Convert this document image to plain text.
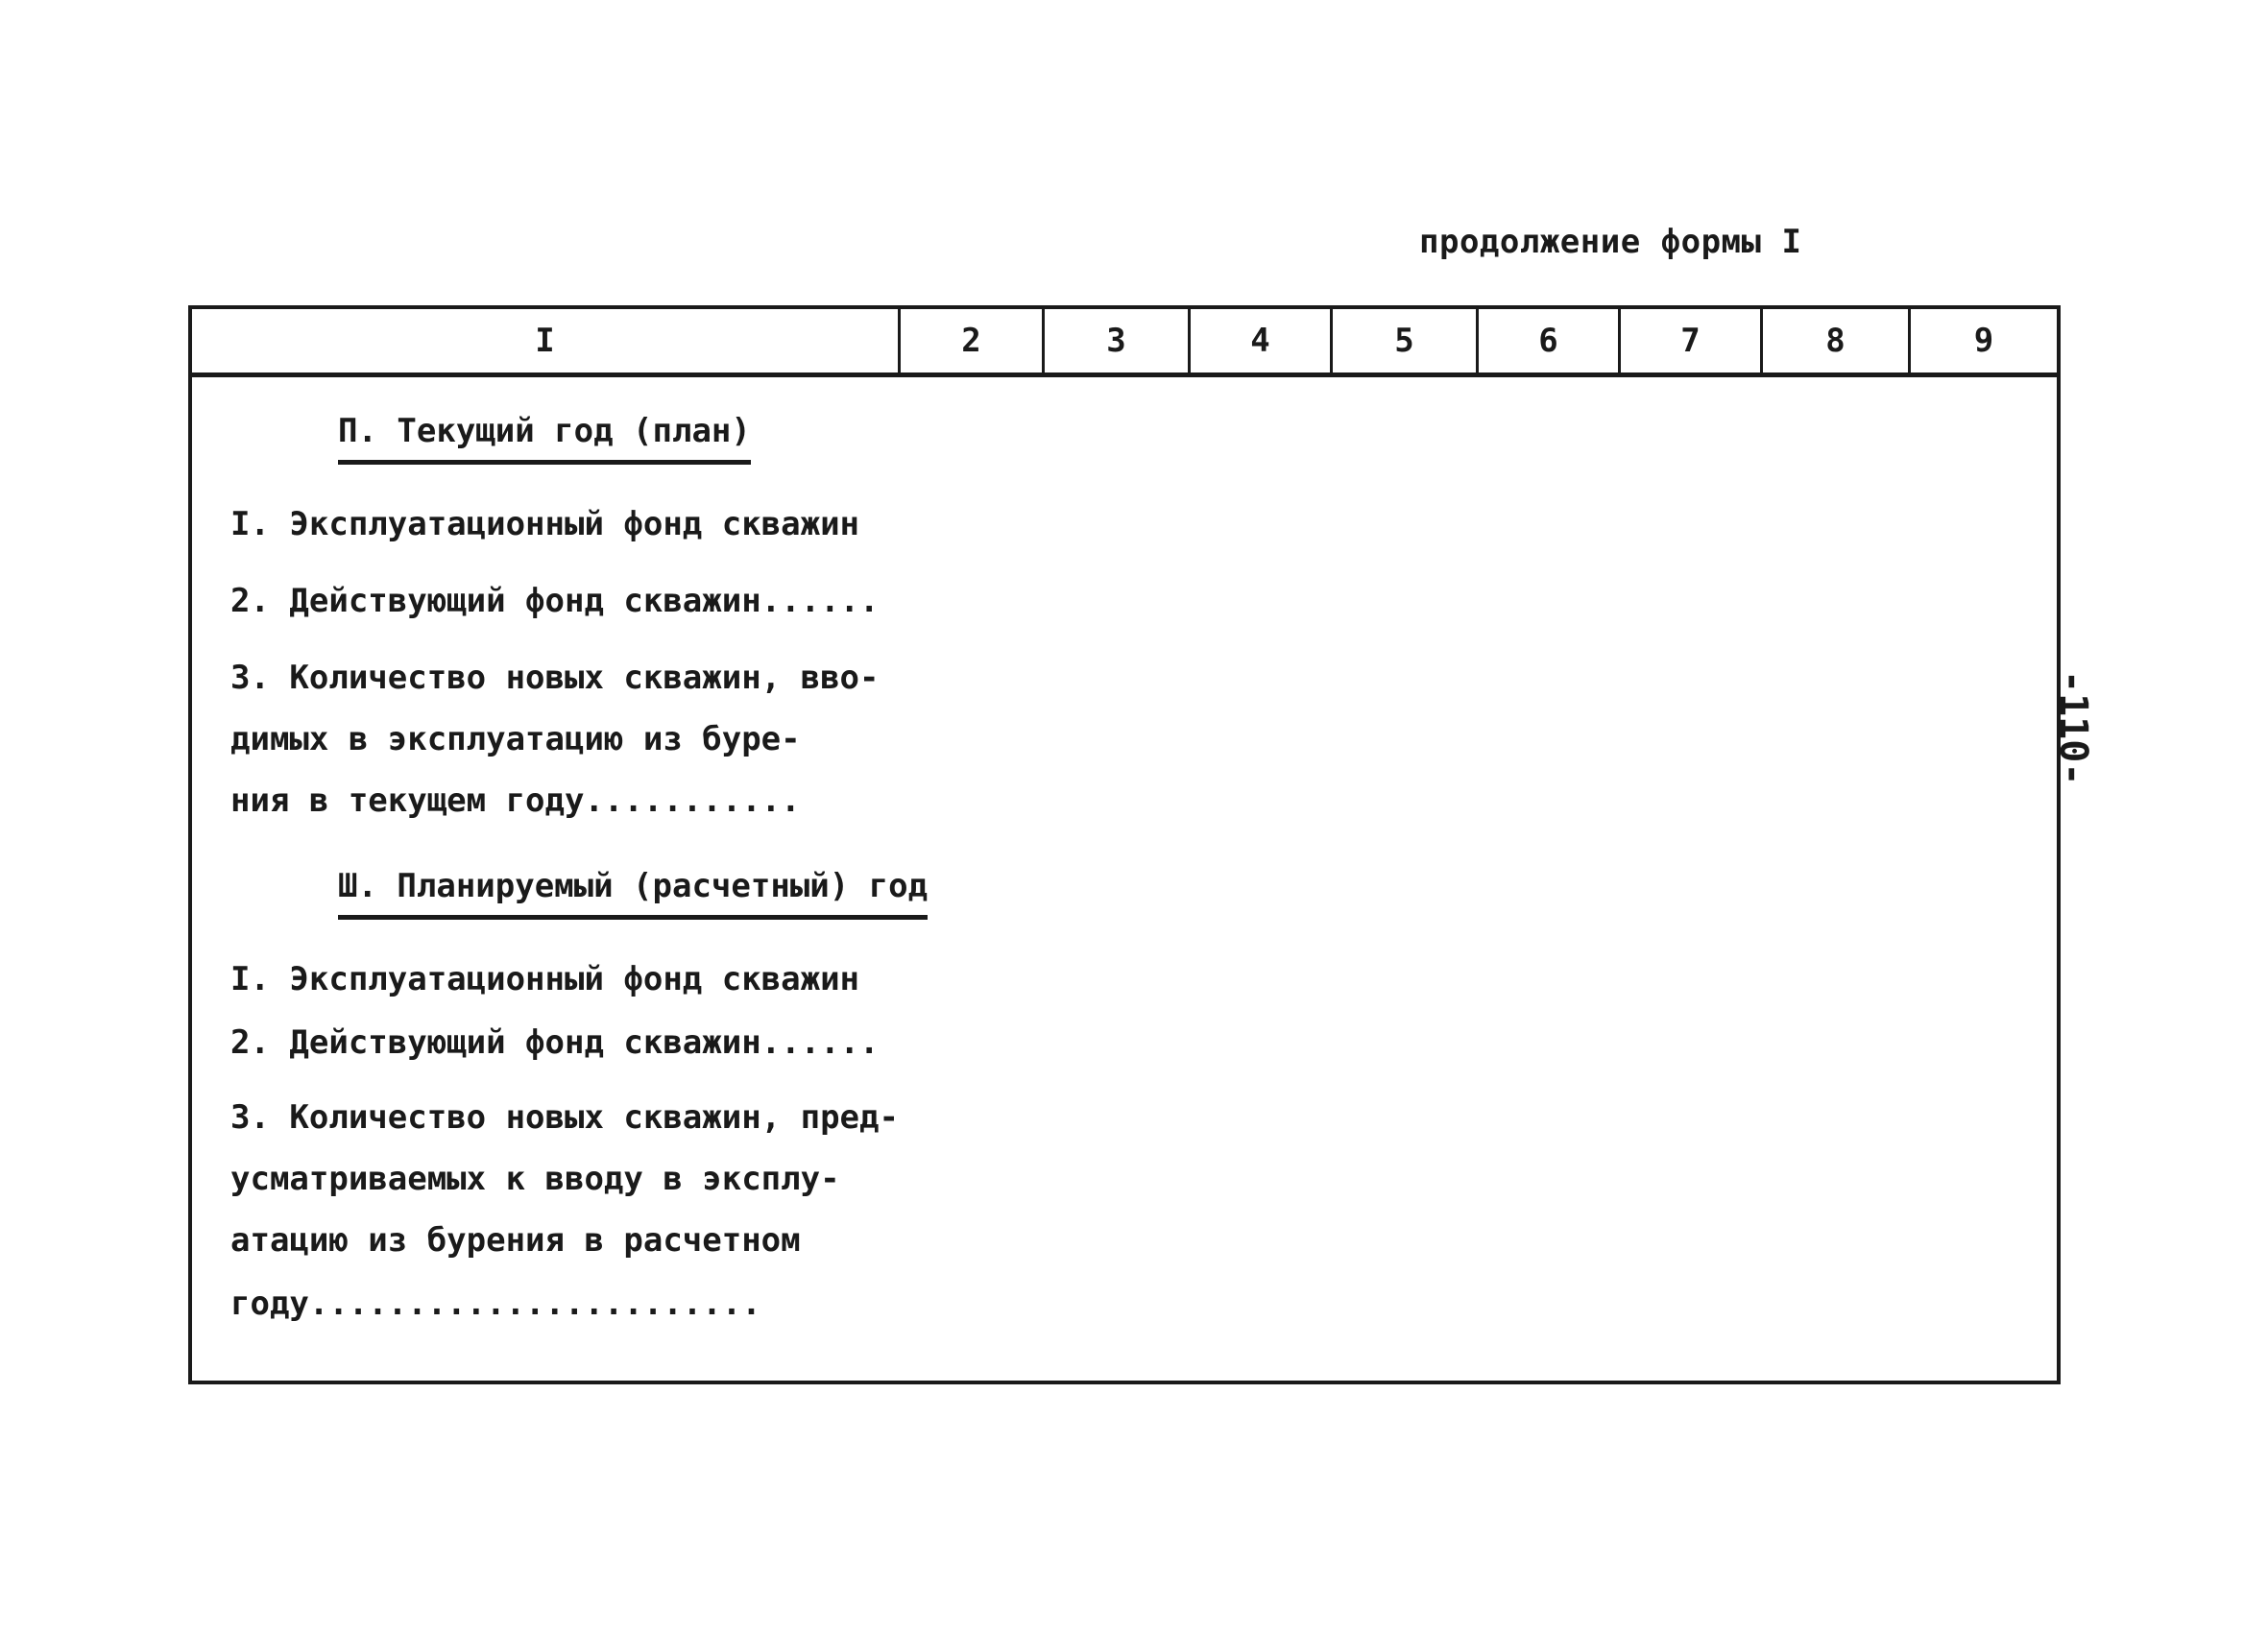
продолжение формы I
I	2	3	4	5	6	7	8	9
П. Текущий год (план)
I. Эксплуатационный фонд скважин
2. Действующий фонд скважин......
3. Количество новых скважин, вво-
димых в эксплуатацию из буре-
ния в текущем году...........
Ш. Планируемый (расчетный) год
I. Эксплуатационный фонд скважин
2. Действующий фонд скважин......
3. Количество новых скважин, пред-
усматриваемых к вводу в эксплу-
атацию из бурения в расчетном
году.......................
-110-
